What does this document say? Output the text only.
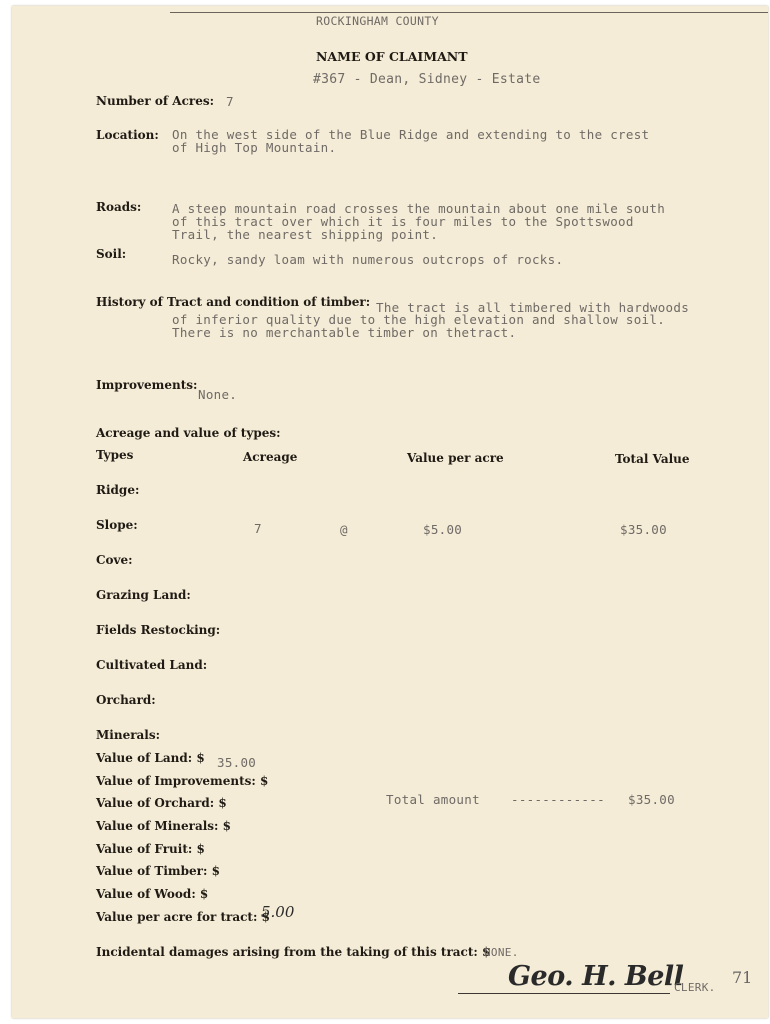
ROCKINGHAM COUNTY
NAME OF CLAIMANT
#367 - Dean, Sidney - Estate
Number of Acres: 7
Location: On the west side of the Blue Ridge and extending to the crest
of High Top Mountain.
Roads: A steep mountain road crosses the mountain about one mile south
of this tract over which it is four miles to the Spottswood
Trail, the nearest shipping point.
Soil:	Rocky, sandy loam with numerous outcrops of rocks.
History of Tract and condition of timber: The tract is all timbered with hardwoods
of inferior quality due to the high elevation and shallow soil.
There is no merchantable timber on thetract.
Improvements:
None.
Acreage and value of types:
Types	Acreage	Value per acre	Total Value
Ridge:
Slope:	7	@	$5.00	$35.00
Cove:
Grazing Land:
Fields Restocking:
Cultivated Land:
Orchard:
Minerals:
Value of Land: $ 35.00
Value of Improvements: $
Value of Orchard: $	Total amount ------------ $35.00
Value of Minerals: $
Value of Fruit: $
Value of Timber: $
Value of Wood: $
Value per acre for tract: $
5.00
Incidental damages arising from the taking of this tract: $
NONE.
Geo. H. Bell
CLERK.
71
